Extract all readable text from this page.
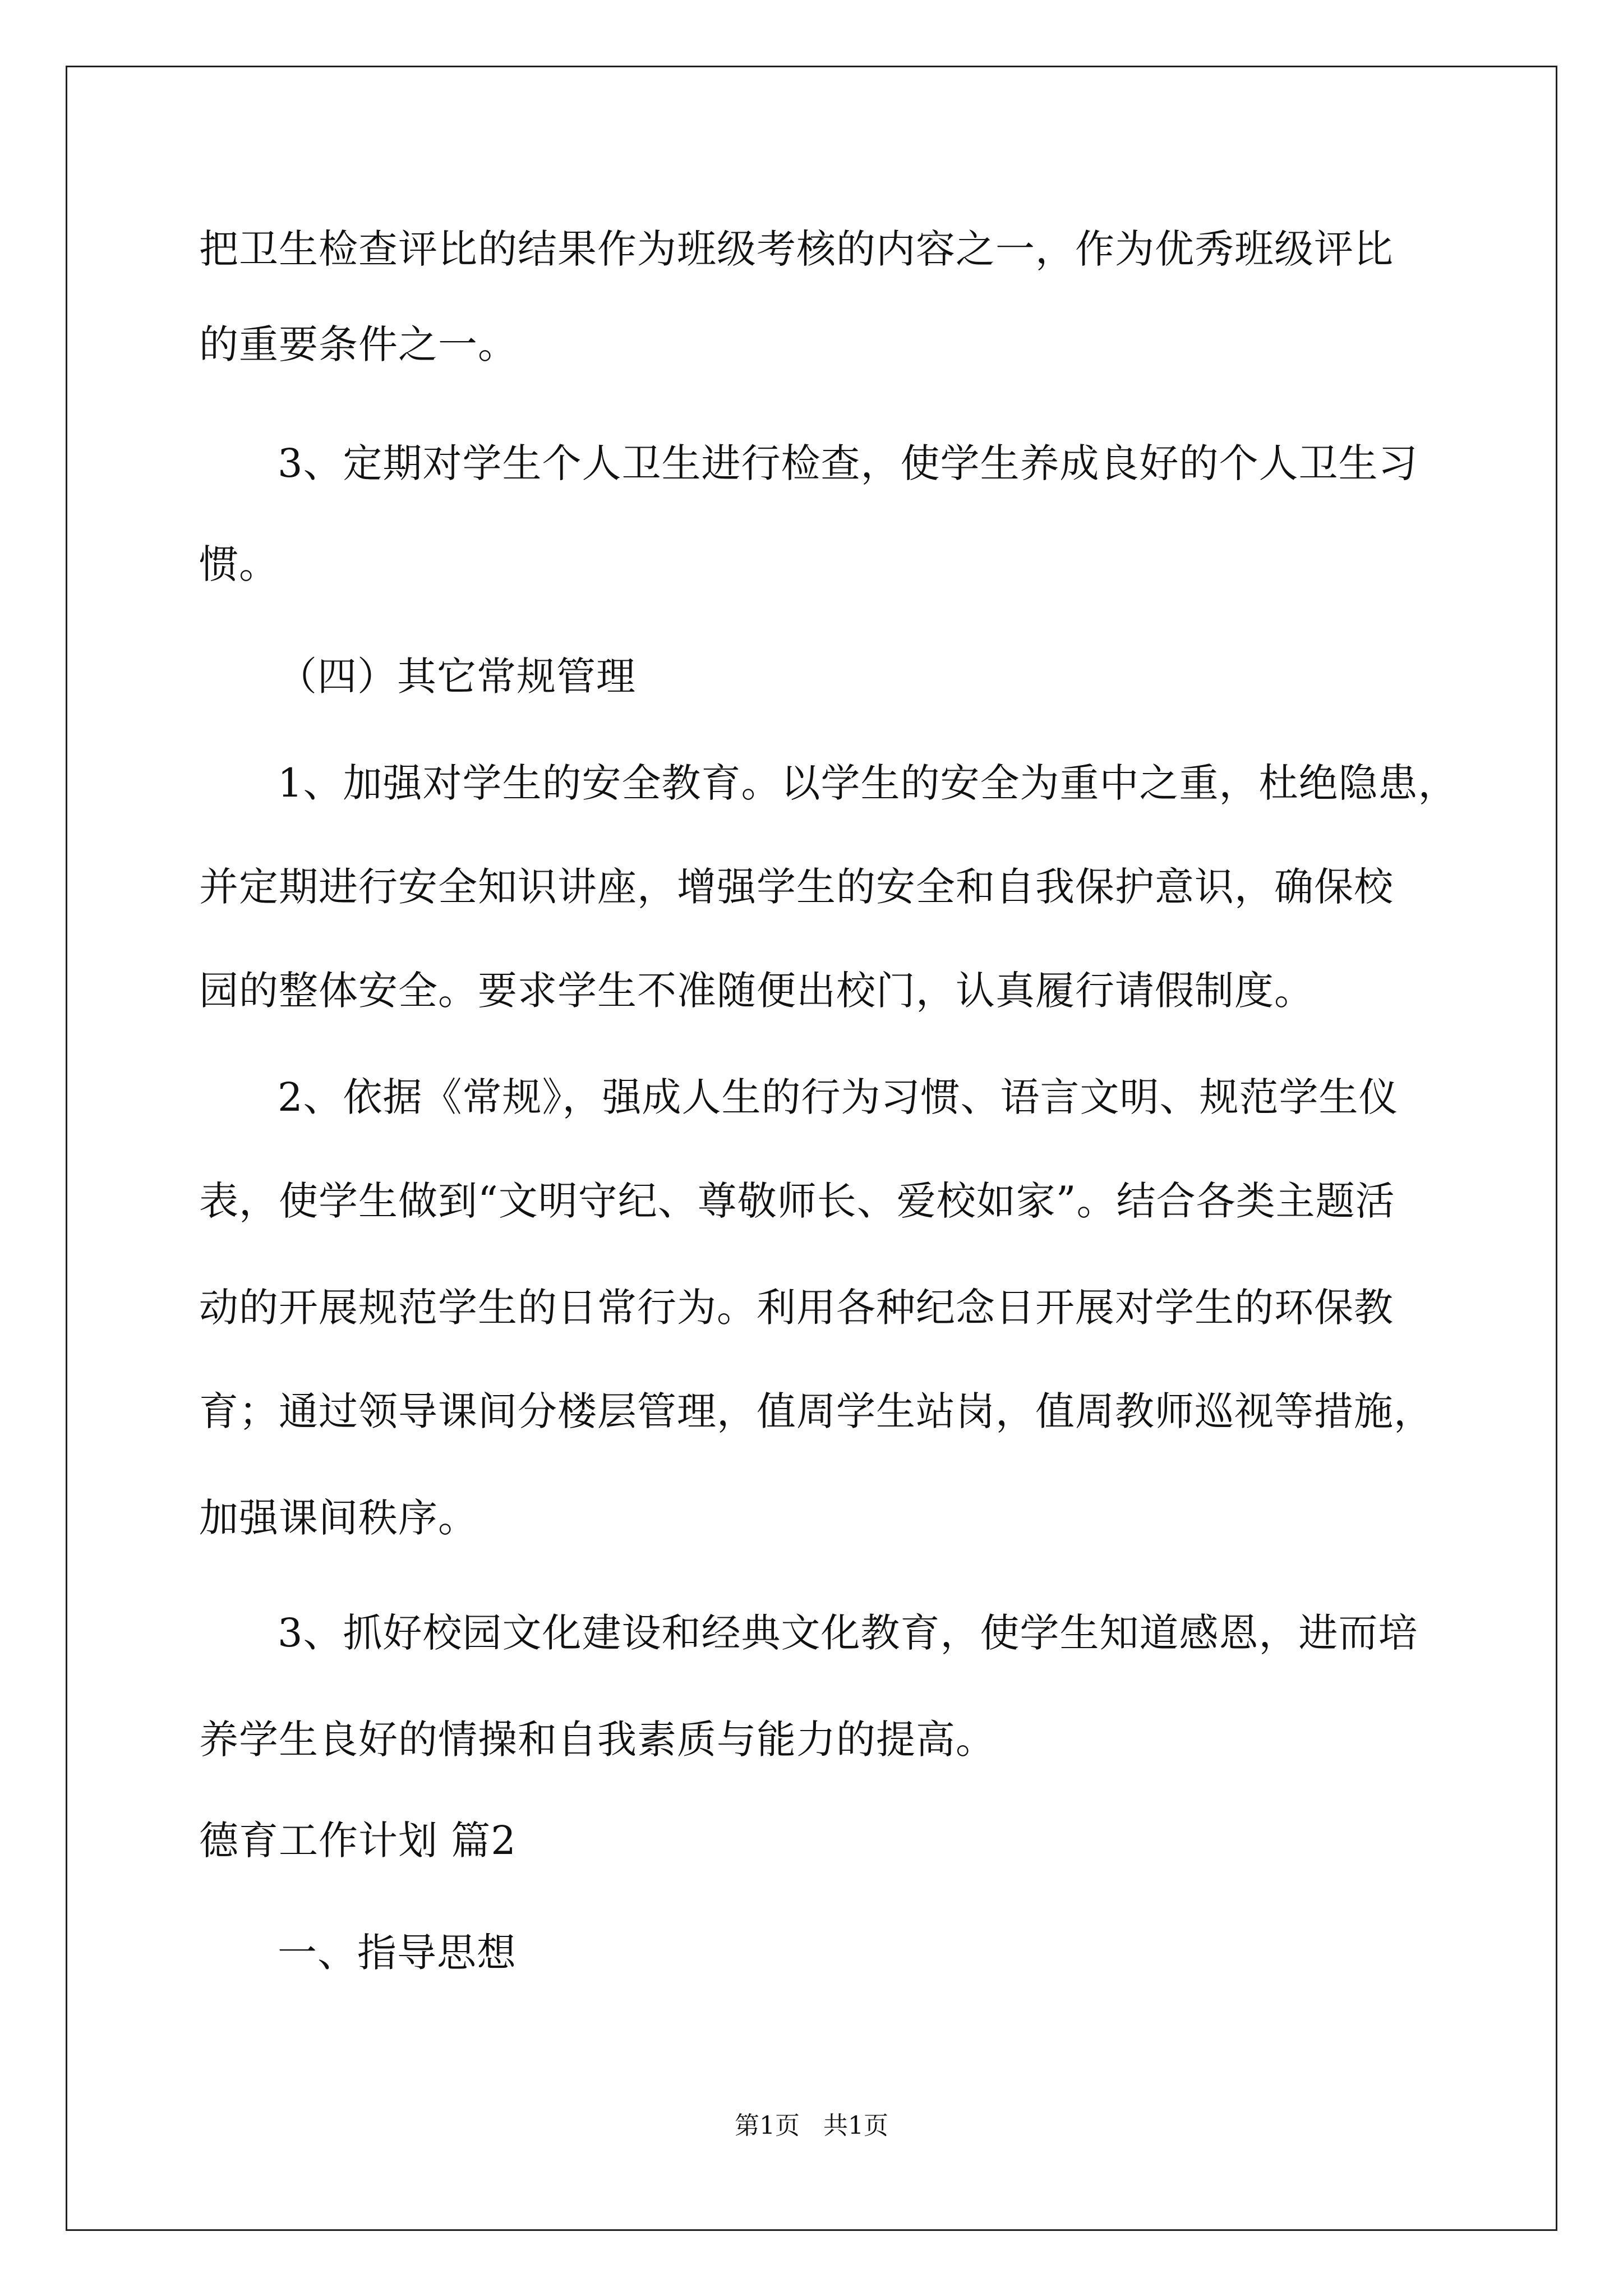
把卫生检查评比的结果作为班级考核的内容之一，作为优秀班级评比
的重要条件之一。
3、定期对学生个人卫生进行检查，使学生养成良好的个人卫生习
惯。
（四）其它常规管理
1、加强对学生的安全教育。以学生的安全为重中之重，杜绝隐患，
并定期进行安全知识讲座，增强学生的安全和自我保护意识，确保校
园的整体安全。要求学生不准随便出校门，认真履行请假制度。
2、依据《常规》，强成人生的行为习惯、语言文明、规范学生仪
表，使学生做到“文明守纪、尊敬师长、爱校如家”。结合各类主题活
动的开展规范学生的日常行为。利用各种纪念日开展对学生的环保教
育；通过领导课间分楼层管理，值周学生站岗，值周教师巡视等措施，
加强课间秩序。
3、抓好校园文化建设和经典文化教育，使学生知道感恩，进而培
养学生良好的情操和自我素质与能力的提高。
德育工作计划 篇2
一、指导思想
第1页 共1页
